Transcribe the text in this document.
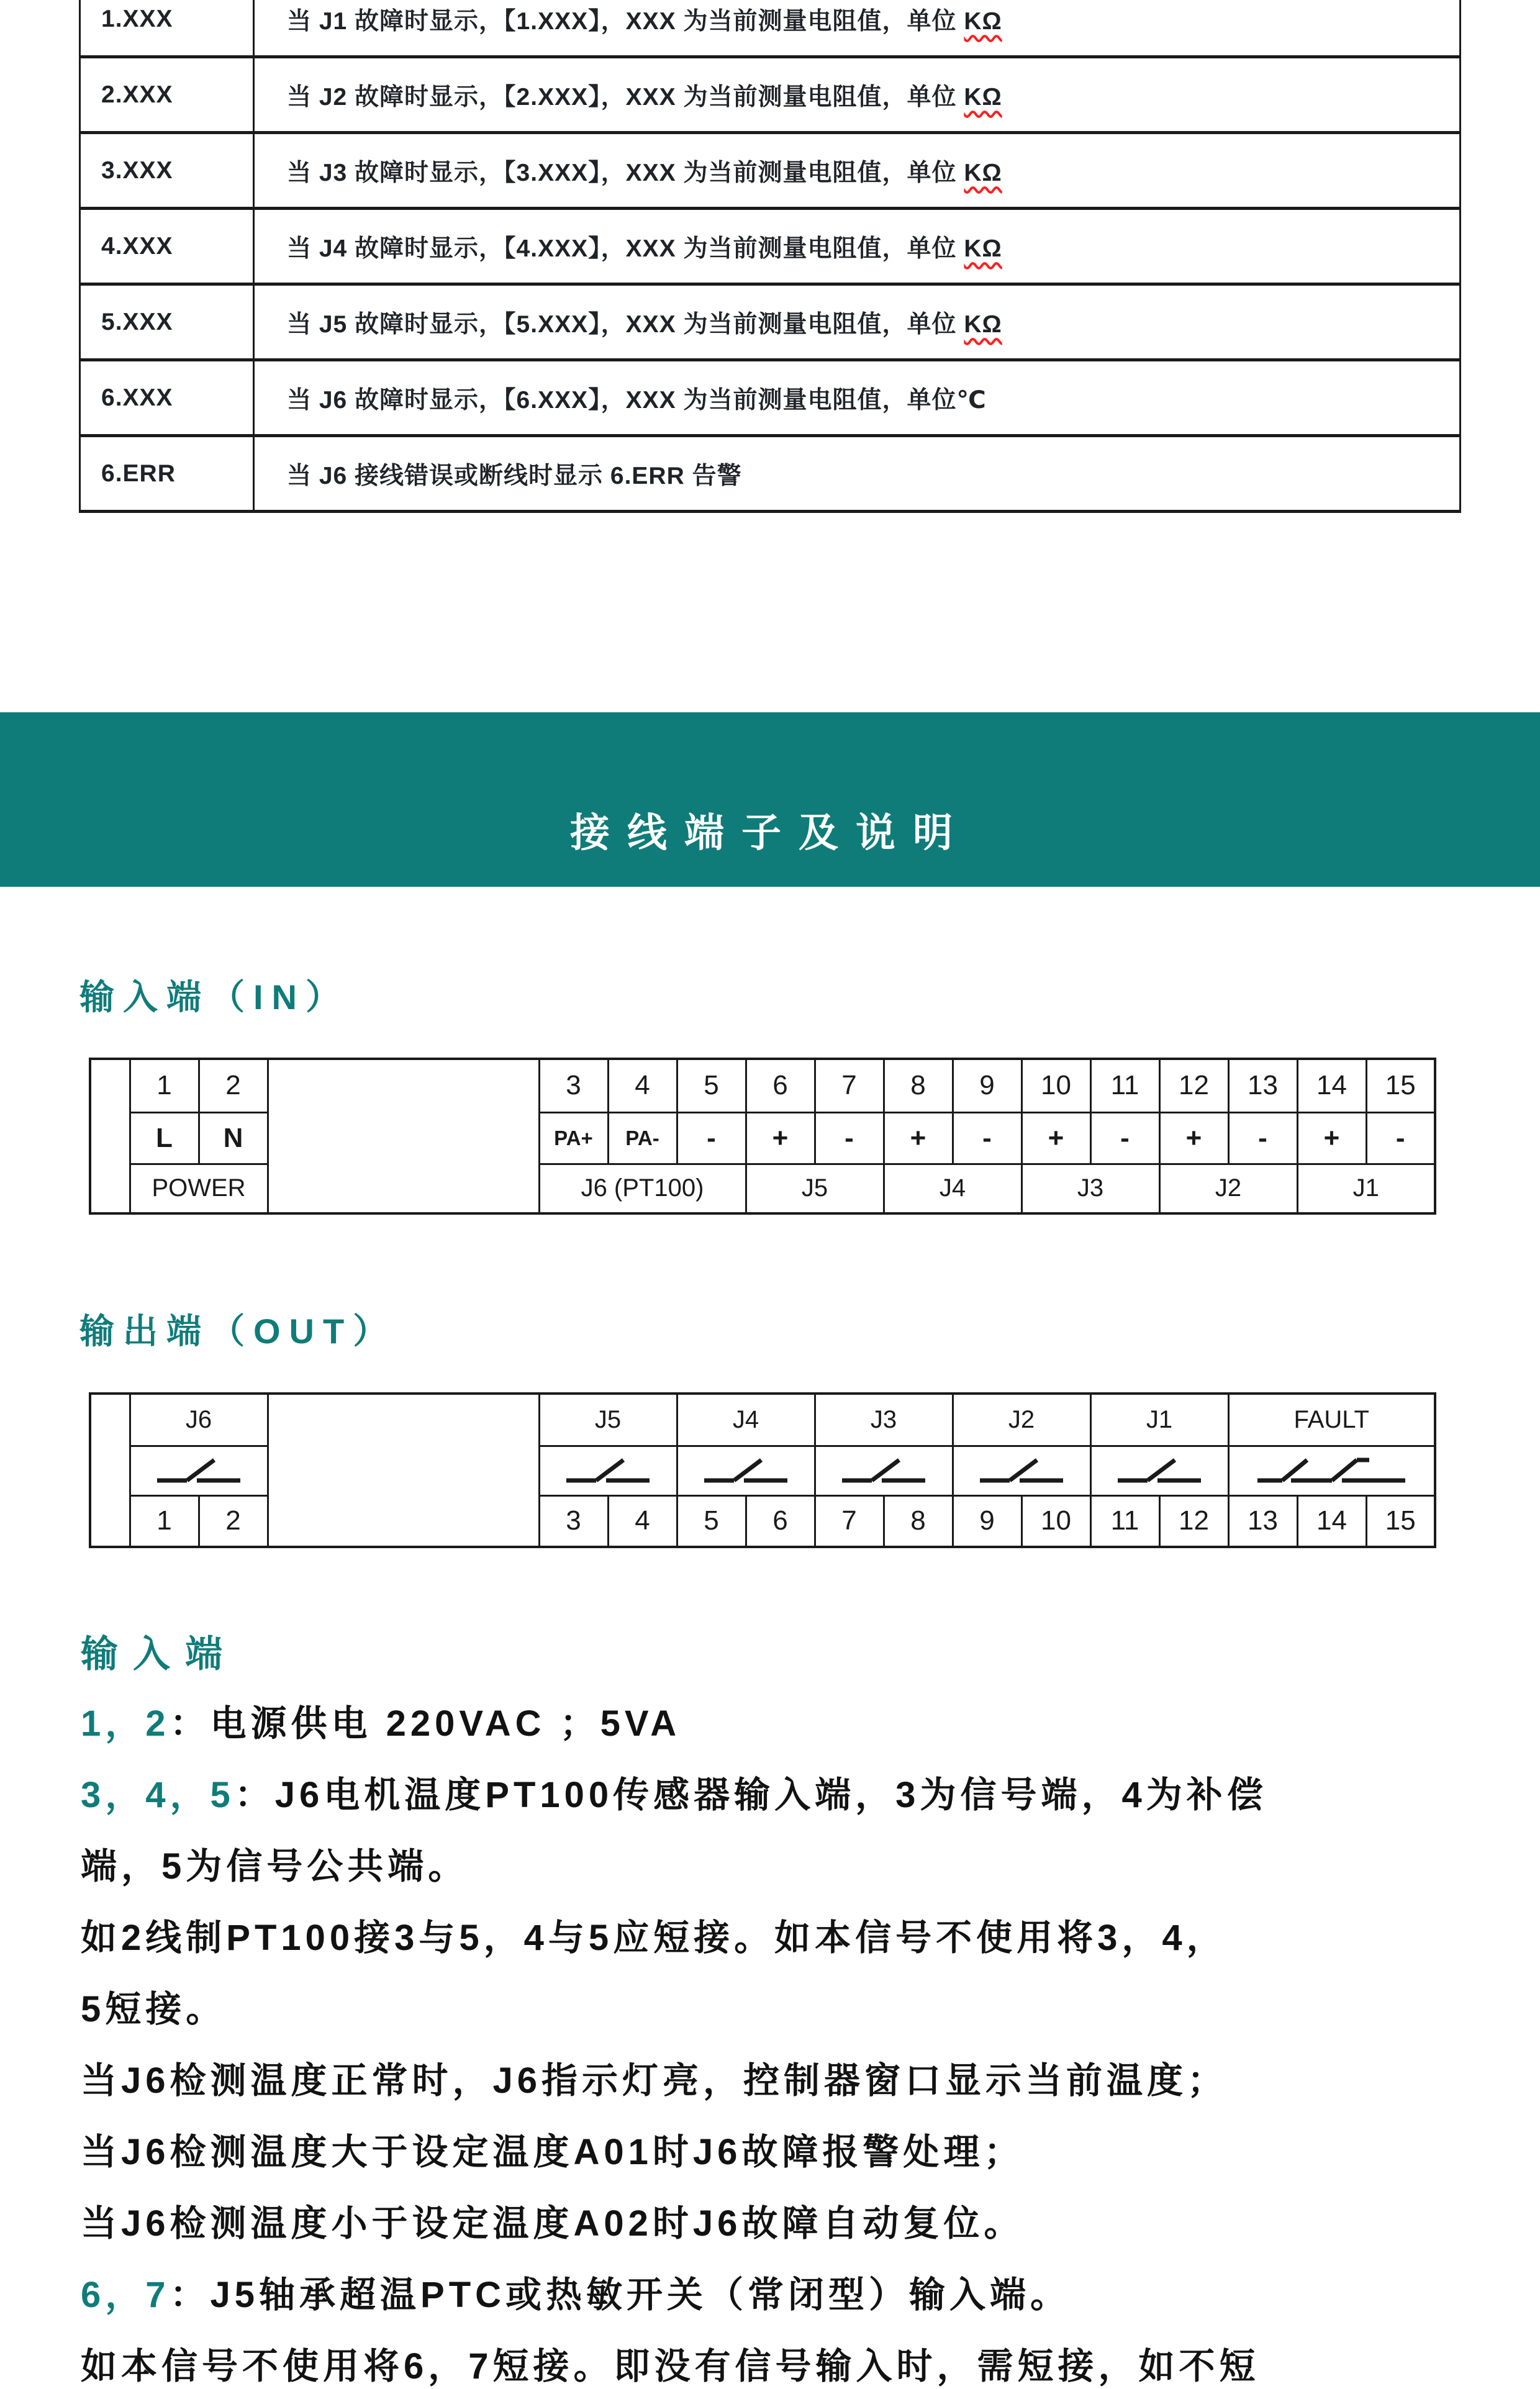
1.XXX	当 J1 故障时显示，【1.XXX】，XXX 为当前测量电阻值，单位 KΩ
2.XXX	当 J2 故障时显示，【2.XXX】，XXX 为当前测量电阻值，单位 KΩ
3.XXX	当 J3 故障时显示，【3.XXX】，XXX 为当前测量电阻值，单位 KΩ
4.XXX	当 J4 故障时显示，【4.XXX】，XXX 为当前测量电阻值，单位 KΩ
5.XXX	当 J5 故障时显示，【5.XXX】，XXX 为当前测量电阻值，单位 KΩ
6.XXX	当 J6 故障时显示，【6.XXX】，XXX 为当前测量电阻值，单位℃
6.ERR	当 J6 接线错误或断线时显示 6.ERR 告警
接线端子及说明
输入端（IN）
	1	2		3	4	5	6	7	8	9	10	11	12	13	14	15
	L	N		PA+	PA-	-	+	-	+	-	+	-	+	-	+	-
	POWER			J6 (PT100)			J5		J4		J3		J2		J1	
输出端（OUT）
	J6			J5		J4		J3		J2		J1		FAULT		

	1	2		3	4	5	6	7	8	9	10	11	12	13	14	15
输入端
1，2：电源供电 220VAC ；5VA
3，4，5：J6电机温度PT100传感器输入端，3为信号端，4为补偿
端，5为信号公共端。
如2线制PT100接3与5，4与5应短接。如本信号不使用将3，4，
5短接。
当J6检测温度正常时，J6指示灯亮，控制器窗口显示当前温度；
当J6检测温度大于设定温度A01时J6故障报警处理；
当J6检测温度小于设定温度A02时J6故障自动复位。
6，7：J5轴承超温PTC或热敏开关（常闭型）输入端。
如本信号不使用将6，7短接。即没有信号输入时，需短接，如不短
